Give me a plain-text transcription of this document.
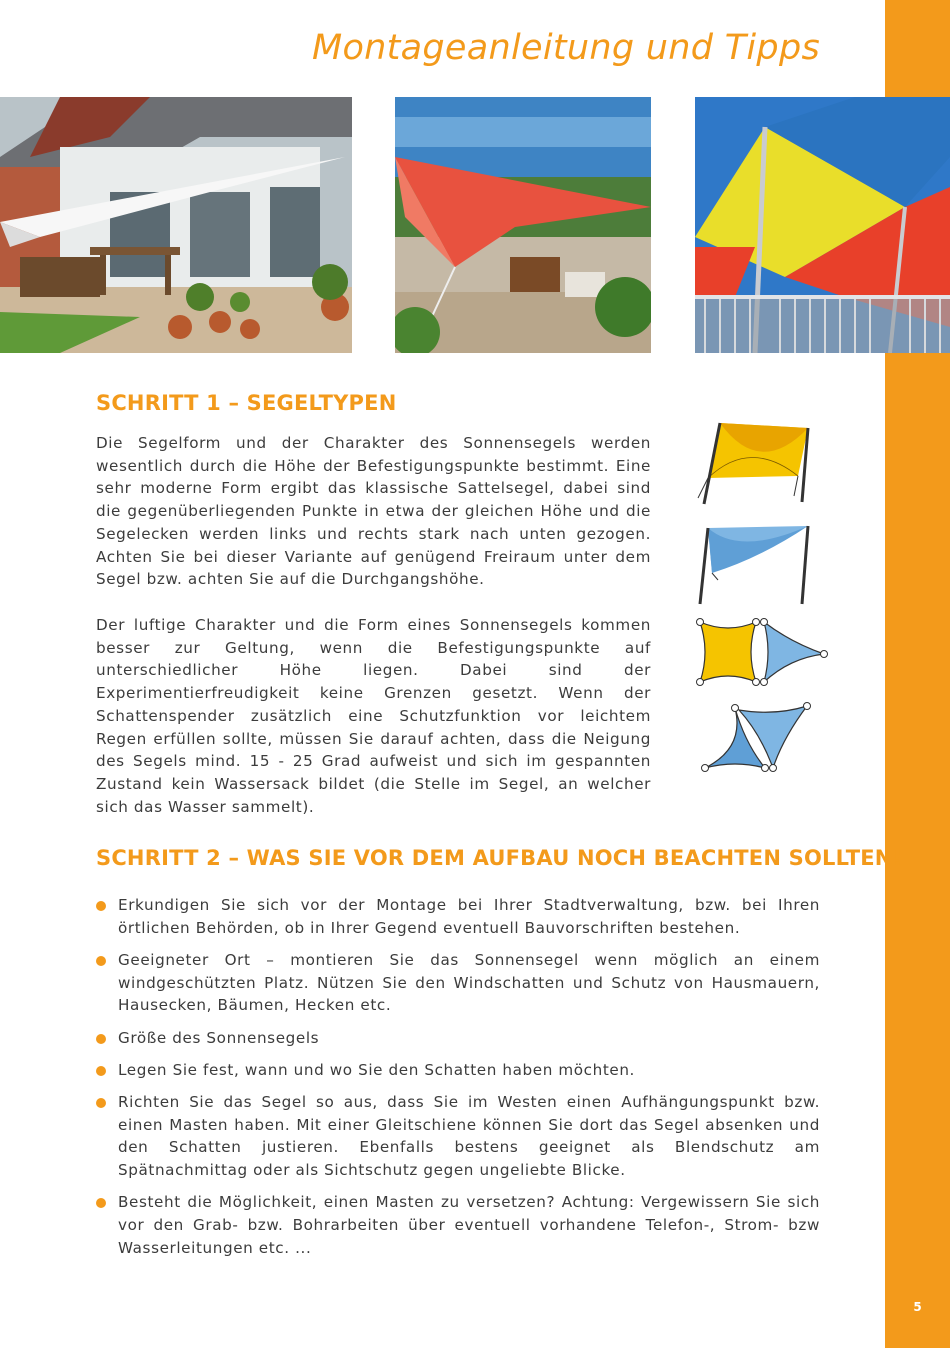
5
Montageanleitung und Tipps
SCHRITT 1 – SEGELTYPEN

Die Segelform und der Charakter des Sonnensegels werden wesentlich durch die Höhe der Befestigungspunkte bestimmt. Eine sehr moderne Form ergibt das klassische Sattelsegel, dabei sind die gegenüberliegenden Punkte in etwa der gleichen Höhe und die Segelecken werden links und rechts stark nach unten gezogen. Achten Sie bei dieser Variante auf genügend Freiraum unter dem Segel bzw. achten Sie auf die Durchgangshöhe.

Der luftige Charakter und die Form eines Sonnensegels kommen besser zur Geltung, wenn die Befestigungspunkte auf unterschiedlicher Höhe liegen. Dabei sind der Experimentierfreudigkeit keine Grenzen gesetzt. Wenn der Schattenspender zusätzlich eine Schutzfunktion vor leichtem Regen erfüllen sollte, müssen Sie darauf achten, dass die Neigung des Segels mind. 15 - 25 Grad aufweist und sich im gespannten Zustand kein Wassersack bildet (die Stelle im Segel, an welcher sich das Wasser sammelt).

SCHRITT 2 – WAS SIE VOR DEM AUFBAU NOCH BEACHTEN SOLLTEN!
Erkundigen Sie sich vor der Montage bei Ihrer Stadtverwaltung, bzw. bei Ihren örtlichen Behörden, ob in Ihrer Gegend eventuell Bauvorschriften bestehen.
Geeigneter Ort – montieren Sie das Sonnensegel wenn möglich an einem windgeschützten Platz. Nützen Sie den Windschatten und Schutz von Hausmauern, Hausecken, Bäumen, Hecken etc.
Größe des Sonnensegels
Legen Sie fest, wann und wo Sie den Schatten haben möchten.
Richten Sie das Segel so aus, dass Sie im Westen einen Aufhängungspunkt bzw. einen Masten haben. Mit einer Gleitschiene können Sie dort das Segel absenken und den Schatten justieren. Ebenfalls bestens geeignet als Blendschutz am Spätnachmittag oder als Sichtschutz gegen ungeliebte Blicke.
Besteht die Möglichkeit, einen Masten zu versetzen? Achtung: Vergewissern Sie sich vor den Grab- bzw. Bohrarbeiten über eventuell vorhandene Telefon-, Strom- bzw Wasserleitungen etc. ...
